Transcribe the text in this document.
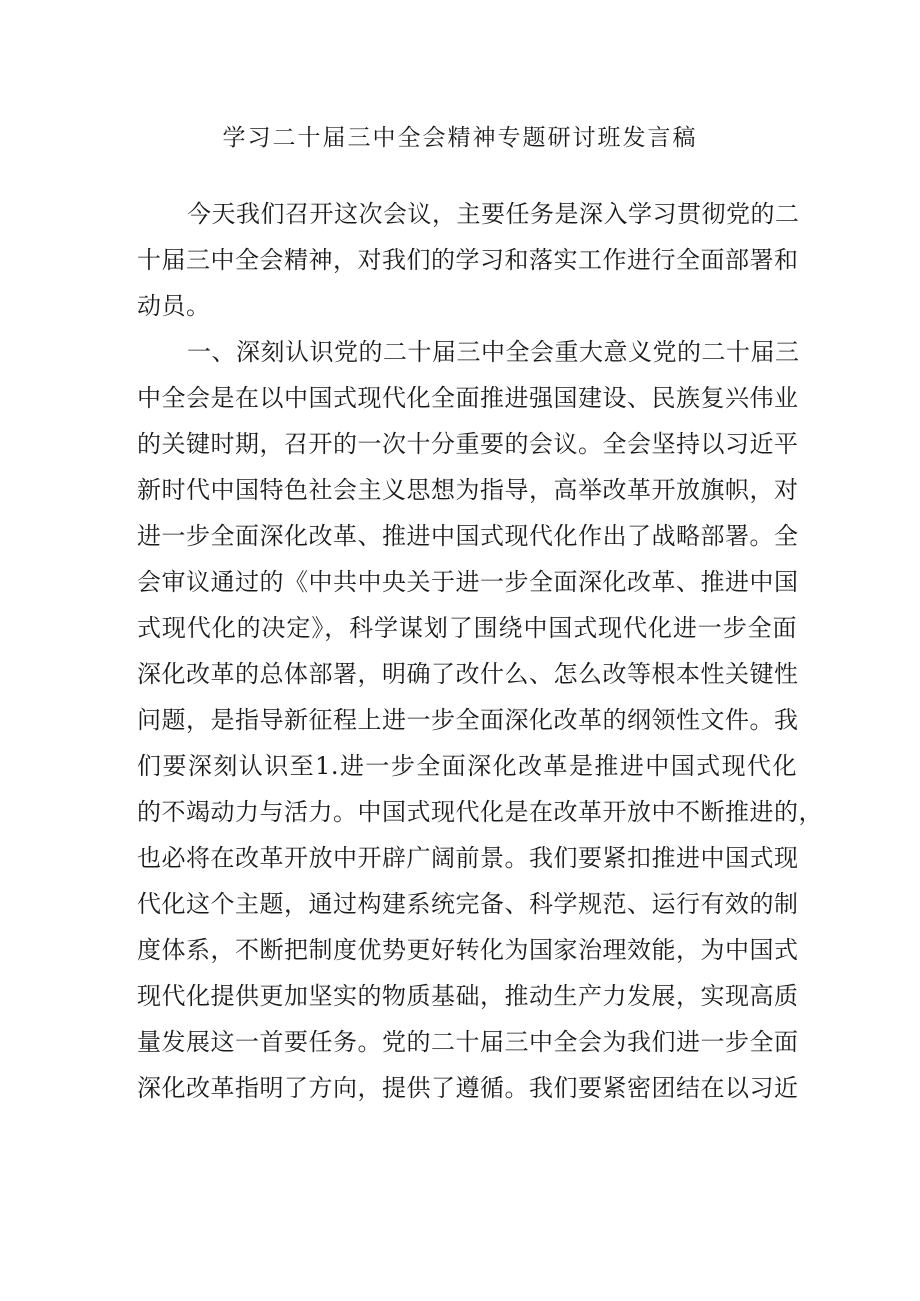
学习二十届三中全会精神专题研讨班发言稿
今天我们召开这次会议，主要任务是深入学习贯彻党的二
十届三中全会精神，对我们的学习和落实工作进行全面部署和
动员。
一、深刻认识党的二十届三中全会重大意义党的二十届三
中全会是在以中国式现代化全面推进强国建设、民族复兴伟业
的关键时期，召开的一次十分重要的会议。全会坚持以习近平
新时代中国特色社会主义思想为指导，高举改革开放旗帜，对
进一步全面深化改革、推进中国式现代化作出了战略部署。全
会审议通过的《中共中央关于进一步全面深化改革、推进中国
式现代化的决定》，科学谋划了围绕中国式现代化进一步全面
深化改革的总体部署，明确了改什么、怎么改等根本性关键性
问题，是指导新征程上进一步全面深化改革的纲领性文件。我
们要深刻认识至1.进一步全面深化改革是推进中国式现代化
的不竭动力与活力。中国式现代化是在改革开放中不断推进的，
也必将在改革开放中开辟广阔前景。我们要紧扣推进中国式现
代化这个主题，通过构建系统完备、科学规范、运行有效的制
度体系，不断把制度优势更好转化为国家治理效能，为中国式
现代化提供更加坚实的物质基础，推动生产力发展，实现高质
量发展这一首要任务。党的二十届三中全会为我们进一步全面
深化改革指明了方向，提供了遵循。我们要紧密团结在以习近
